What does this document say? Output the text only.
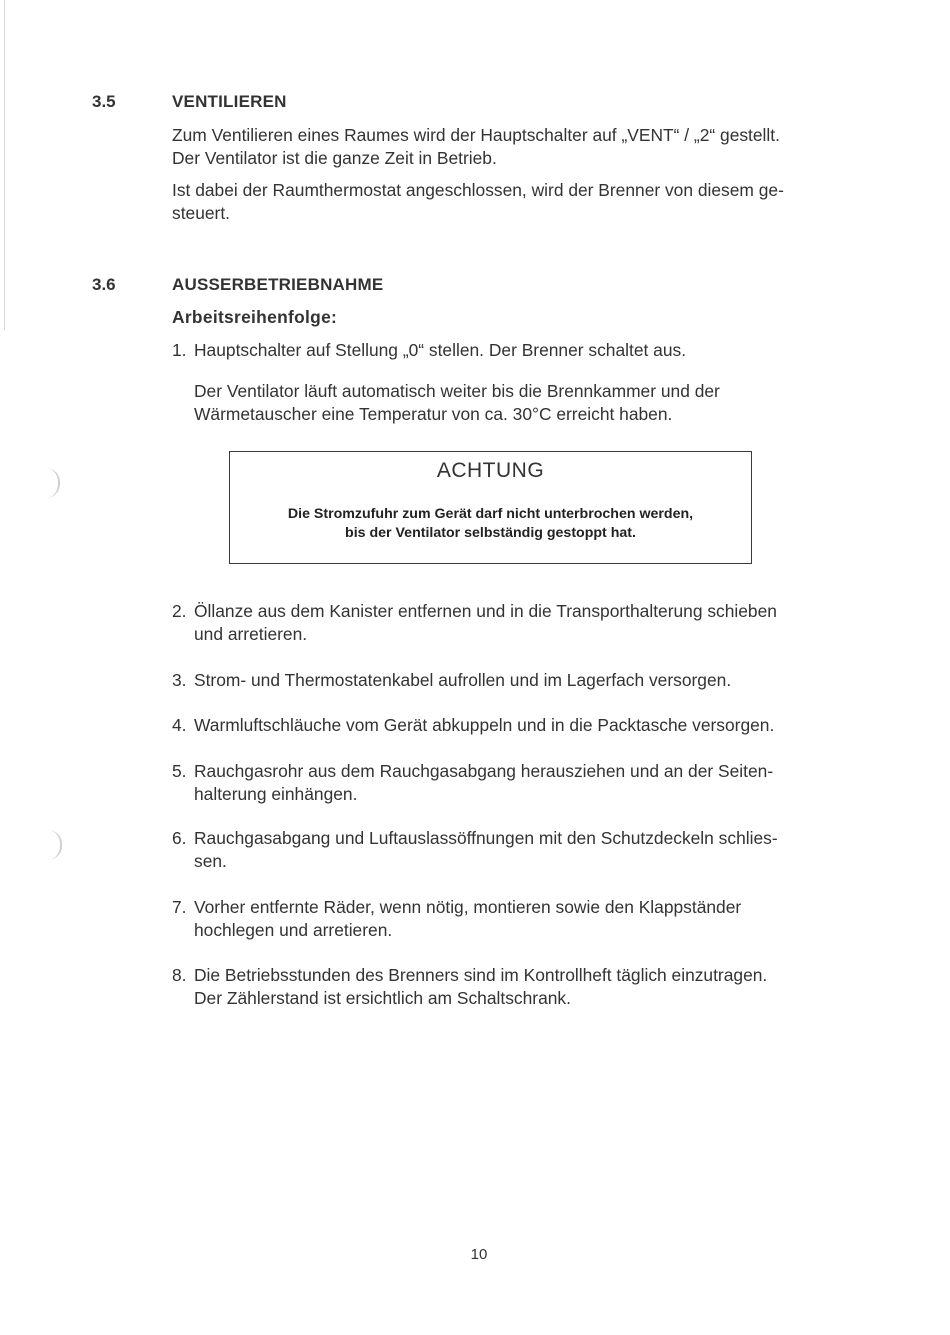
3.5	VENTILIEREN
Zum Ventilieren eines Raumes wird der Hauptschalter auf „VENT“ / „2“ gestellt.
Der Ventilator ist die ganze Zeit in Betrieb.
Ist dabei der Raumthermostat angeschlossen, wird der Brenner von diesem ge-
steuert.
3.6	AUSSERBETRIEBNAHME
Arbeitsreihenfolge:
1. Hauptschalter auf Stellung „0“ stellen. Der Brenner schaltet aus.
Der Ventilator läuft automatisch weiter bis die Brennkammer und der
Wärmetauscher eine Temperatur von ca. 30°C erreicht haben.
ACHTUNG
Die Stromzufuhr zum Gerät darf nicht unterbrochen werden,
bis der Ventilator selbständig gestoppt hat.
2. Öllanze aus dem Kanister entfernen und in die Transporthalterung schieben
und arretieren.
3. Strom- und Thermostatenkabel aufrollen und im Lagerfach versorgen.
4. Warmluftschläuche vom Gerät abkuppeln und in die Packtasche versorgen.
5. Rauchgasrohr aus dem Rauchgasabgang herausziehen und an der Seiten-
halterung einhängen.
6. Rauchgasabgang und Luftauslassöffnungen mit den Schutzdeckeln schlies-
sen.
7. Vorher entfernte Räder, wenn nötig, montieren sowie den Klappständer
hochlegen und arretieren.
8. Die Betriebsstunden des Brenners sind im Kontrollheft täglich einzutragen.
Der Zählerstand ist ersichtlich am Schaltschrank.
10
